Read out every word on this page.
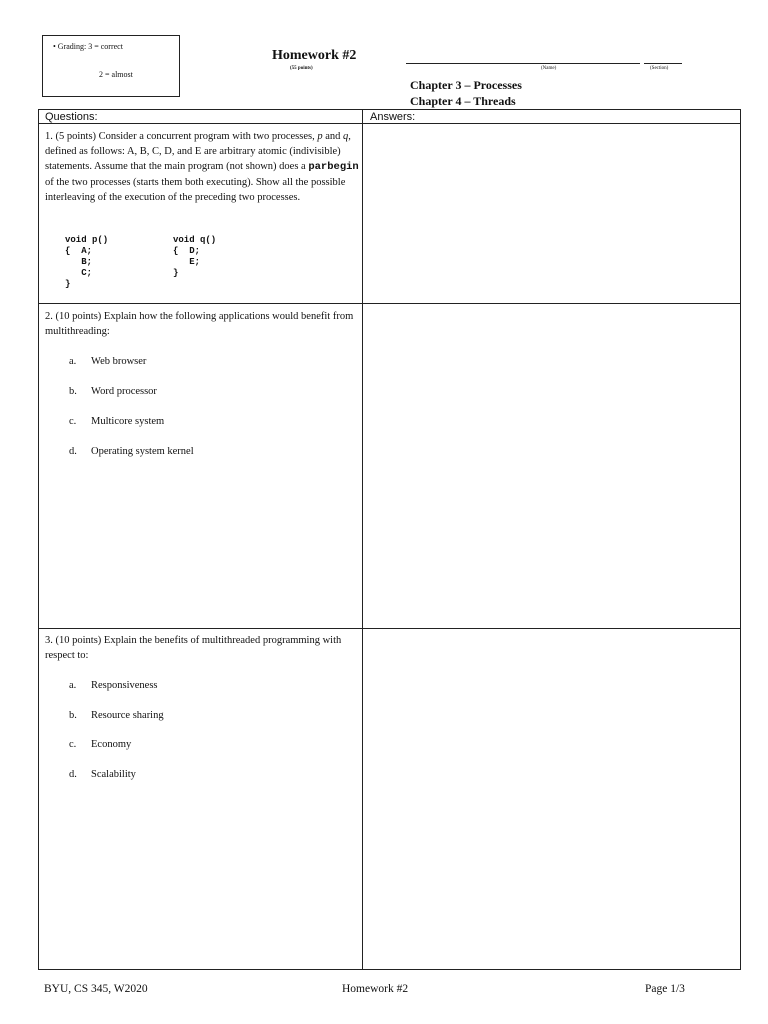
• Grading: 3 = correct
2 = almost
Homework #2
(55 points)	(Name)	(Section)
Chapter 3 – Processes
Chapter 4 – Threads
Questions:	Answers:
1. (5 points) Consider a concurrent program with two processes, p and q, defined as follows: A, B, C, D, and E are arbitrary atomic (indivisible) statements. Assume that the main program (not shown) does a parbegin of the two processes (starts them both executing). Show all the possible interleaving of the execution of the preceding two processes.
void p()
{  A;
B;
C;
}
void q()
{  D;
E;
}
2. (10 points) Explain how the following applications would benefit from multithreading:
a. Web browser
b. Word processor
c. Multicore system
d. Operating system kernel
3. (10 points) Explain the benefits of multithreaded programming with respect to:
a. Responsiveness
b. Resource sharing
c. Economy
d. Scalability
BYU, CS 345, W2020	Homework #2	Page 1/3
